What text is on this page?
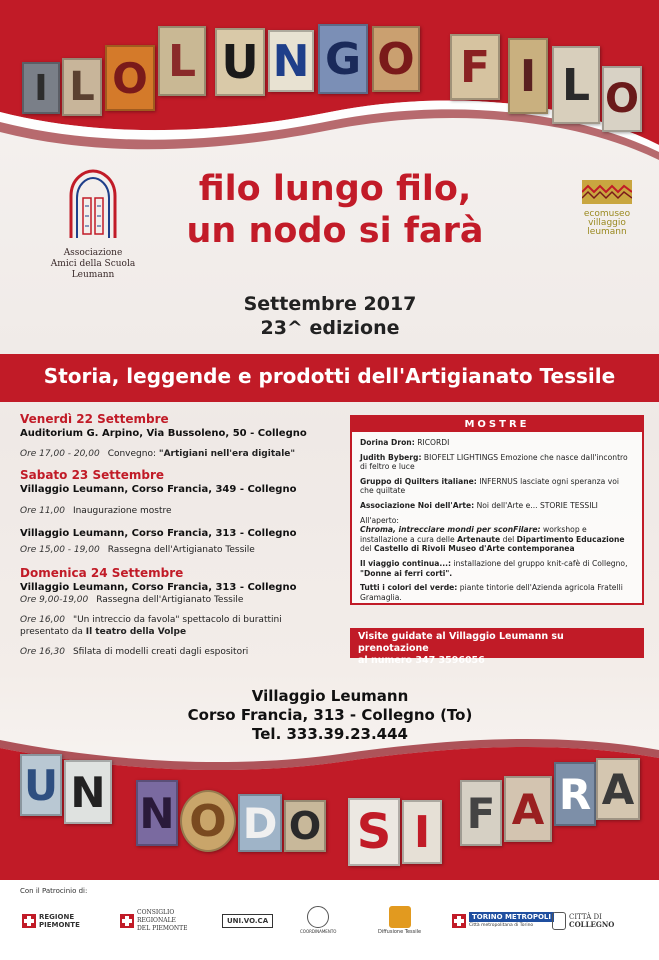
I L O L U N G O F I L O
Associazione
Amici della Scuola Leumann
ecomuseo
villaggio
leumann
filo lungo filo,
un nodo si farà
Settembre 2017
23^ edizione
Storia, leggende e prodotti dell'Artigianato Tessile
Venerdì 22 Settembre
Auditorium G. Arpino, Via Bussoleno, 50 - Collegno
Ore 17,00 - 20,00 Convegno: "Artigiani nell'era digitale"
Sabato 23 Settembre
Villaggio Leumann, Corso Francia, 349 - Collegno
Ore 11,00 Inaugurazione mostre
Villaggio Leumann, Corso Francia, 313 - Collegno
Ore 15,00 - 19,00 Rassegna dell'Artigianato Tessile
Domenica 24 Settembre
Villaggio Leumann, Corso Francia, 313 - Collegno
Ore 9,00-19,00 Rassegna dell'Artigianato Tessile
Ore 16,00 "Un intreccio da favola" spettacolo di burattini
presentato da Il teatro della Volpe
Ore 16,30 Sfilata di modelli creati dagli espositori
MOSTRE

Dorina Dron: RICORDI

Judith Byberg: BIOFELT LIGHTINGS Emozione che nasce dall'incontro di feltro e luce

Gruppo di Quilters italiane: INFERNUS lasciate ogni speranza voi che quiltate

Associazione Noi dell'Arte: Noi dell'Arte e... STORIE TESSILI

All'aperto:

Chroma, intrecciare mondi per sconFilare: workshop e installazione a cura delle Artenaute del Dipartimento Educazione del Castello di Rivoli Museo d'Arte contemporanea

Il viaggio continua...: installazione del gruppo knit-cafè di Collegno, "Donne ai ferri corti".

Tutti i colori del verde: piante tintorie dell'Azienda agricola Fratelli Gramaglia.

Visite guidate al Villaggio Leumann su prenotazione
al numero 347 3596056
Villaggio Leumann
Corso Francia, 313 - Collegno (To)
Tel. 333.39.23.444
U N N O D O S I F A R A
Con il Patrocinio di:
REGIONE
PIEMONTE
CONSIGLIO
REGIONALE
DEL PIEMONTE
UNI.VO.CA
COORDINAMENTO	Diffusione Tessile
TORINO METROPOLI
Città metropolitana di Torino
CITTÀ DI
COLLEGNO
